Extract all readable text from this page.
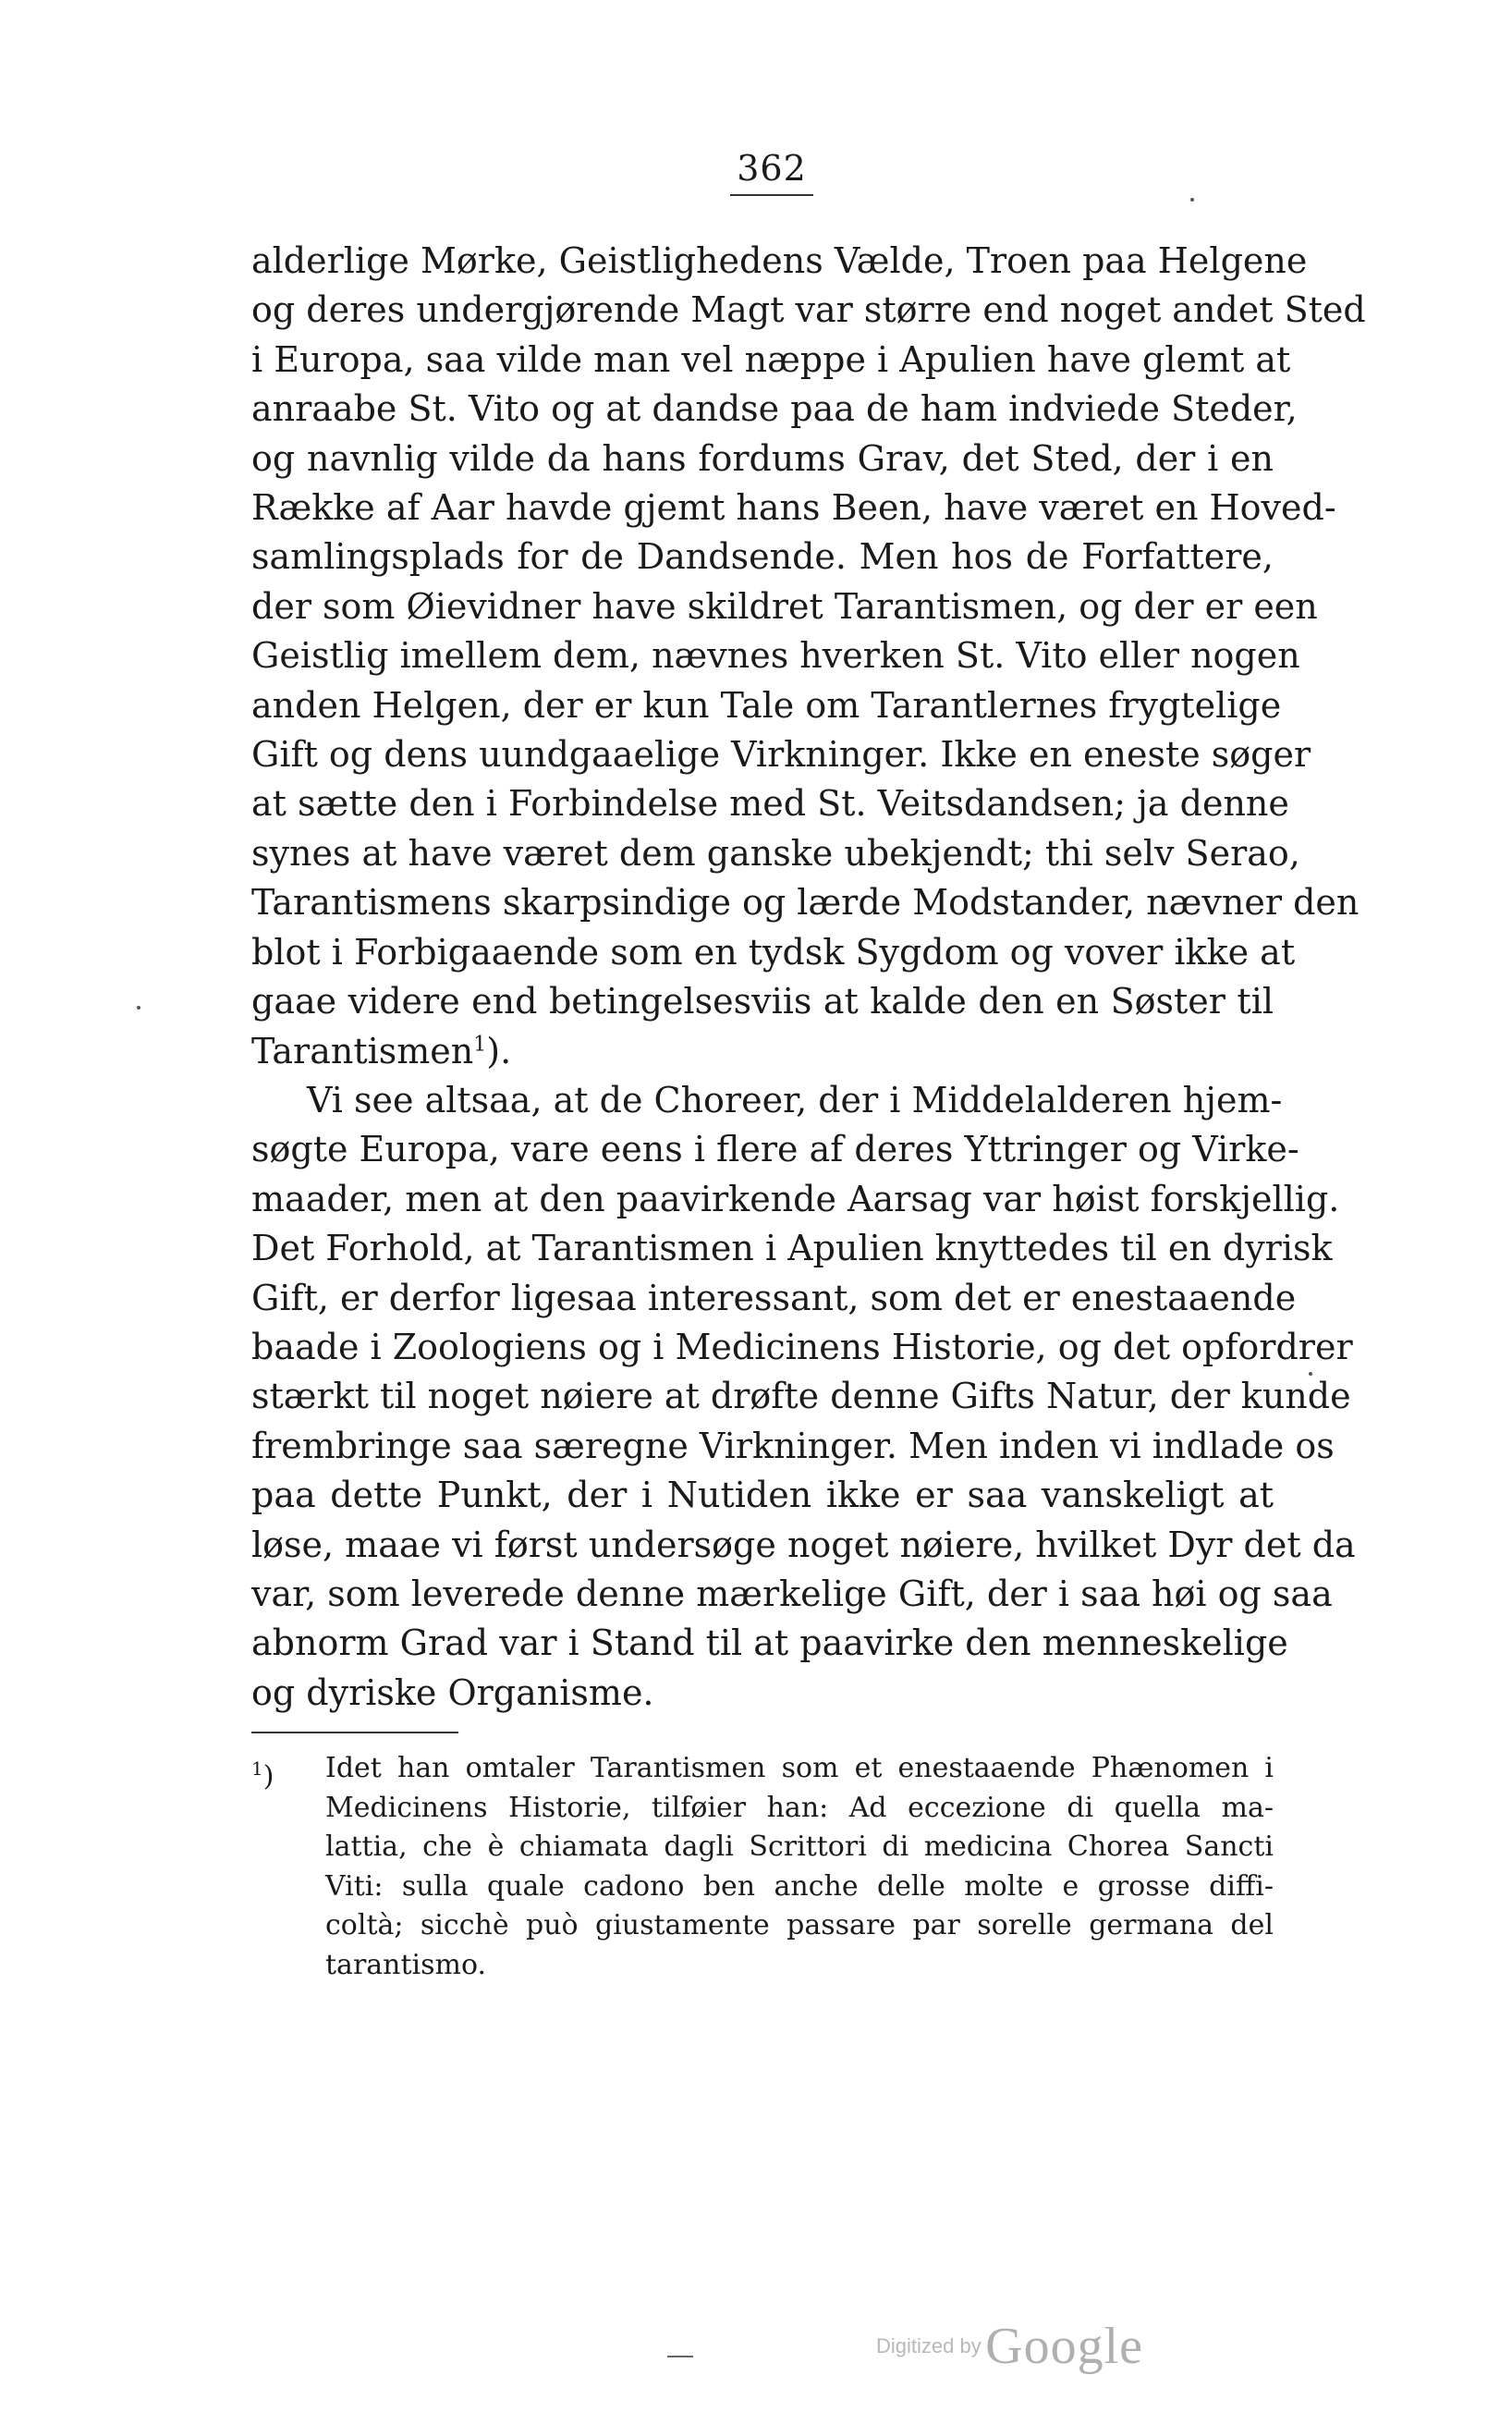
362
alderlige Mørke, Geistlighedens Vælde, Troen paa Helgene
og deres undergjørende Magt var større end noget andet Sted
i Europa, saa vilde man vel næppe i Apulien have glemt at
anraabe St. Vito og at dandse paa de ham indviede Steder,
og navnlig vilde da hans fordums Grav, det Sted, der i en
Række af Aar havde gjemt hans Been, have været en Hoved-
samlingsplads for de Dandsende. Men hos de Forfattere,
der som Øievidner have skildret Tarantismen, og der er een
Geistlig imellem dem, nævnes hverken St. Vito eller nogen
anden Helgen, der er kun Tale om Tarantlernes frygtelige
Gift og dens uundgaaelige Virkninger. Ikke en eneste søger
at sætte den i Forbindelse med St. Veitsdandsen; ja denne
synes at have været dem ganske ubekjendt; thi selv Serao,
Tarantismens skarpsindige og lærde Modstander, nævner den
blot i Forbigaaende som en tydsk Sygdom og vover ikke at
gaae videre end betingelsesviis at kalde den en Søster til
Tarantismen$^1$).
Vi see altsaa, at de Choreer, der i Middelalderen hjem-
søgte Europa, vare eens i flere af deres Yttringer og Virke-
maader, men at den paavirkende Aarsag var høist forskjellig.
Det Forhold, at Tarantismen i Apulien knyttedes til en dyrisk
Gift, er derfor ligesaa interessant, som det er enestaaende
baade i Zoologiens og i Medicinens Historie, og det opfordrer
stærkt til noget nøiere at drøfte denne Gifts Natur, der kunde
frembringe saa særegne Virkninger. Men inden vi indlade os
paa dette Punkt, der i Nutiden ikke er saa vanskeligt at
løse, maae vi først undersøge noget nøiere, hvilket Dyr det da
var, som leverede denne mærkelige Gift, der i saa høi og saa
abnorm Grad var i Stand til at paavirke den menneskelige
og dyriske Organisme.
$^1$)	Idet han omtaler Tarantismen som et enestaaende Phænomen i
Medicinens Historie, tilføier han: Ad eccezione di quella ma-
lattia, che è chiamata dagli Scrittori di medicina Chorea Sancti
Viti: sulla quale cadono ben anche delle molte e grosse diffi-
coltà; sicchè può giustamente passare par sorelle germana del
tarantismo.
Digitized by Google
